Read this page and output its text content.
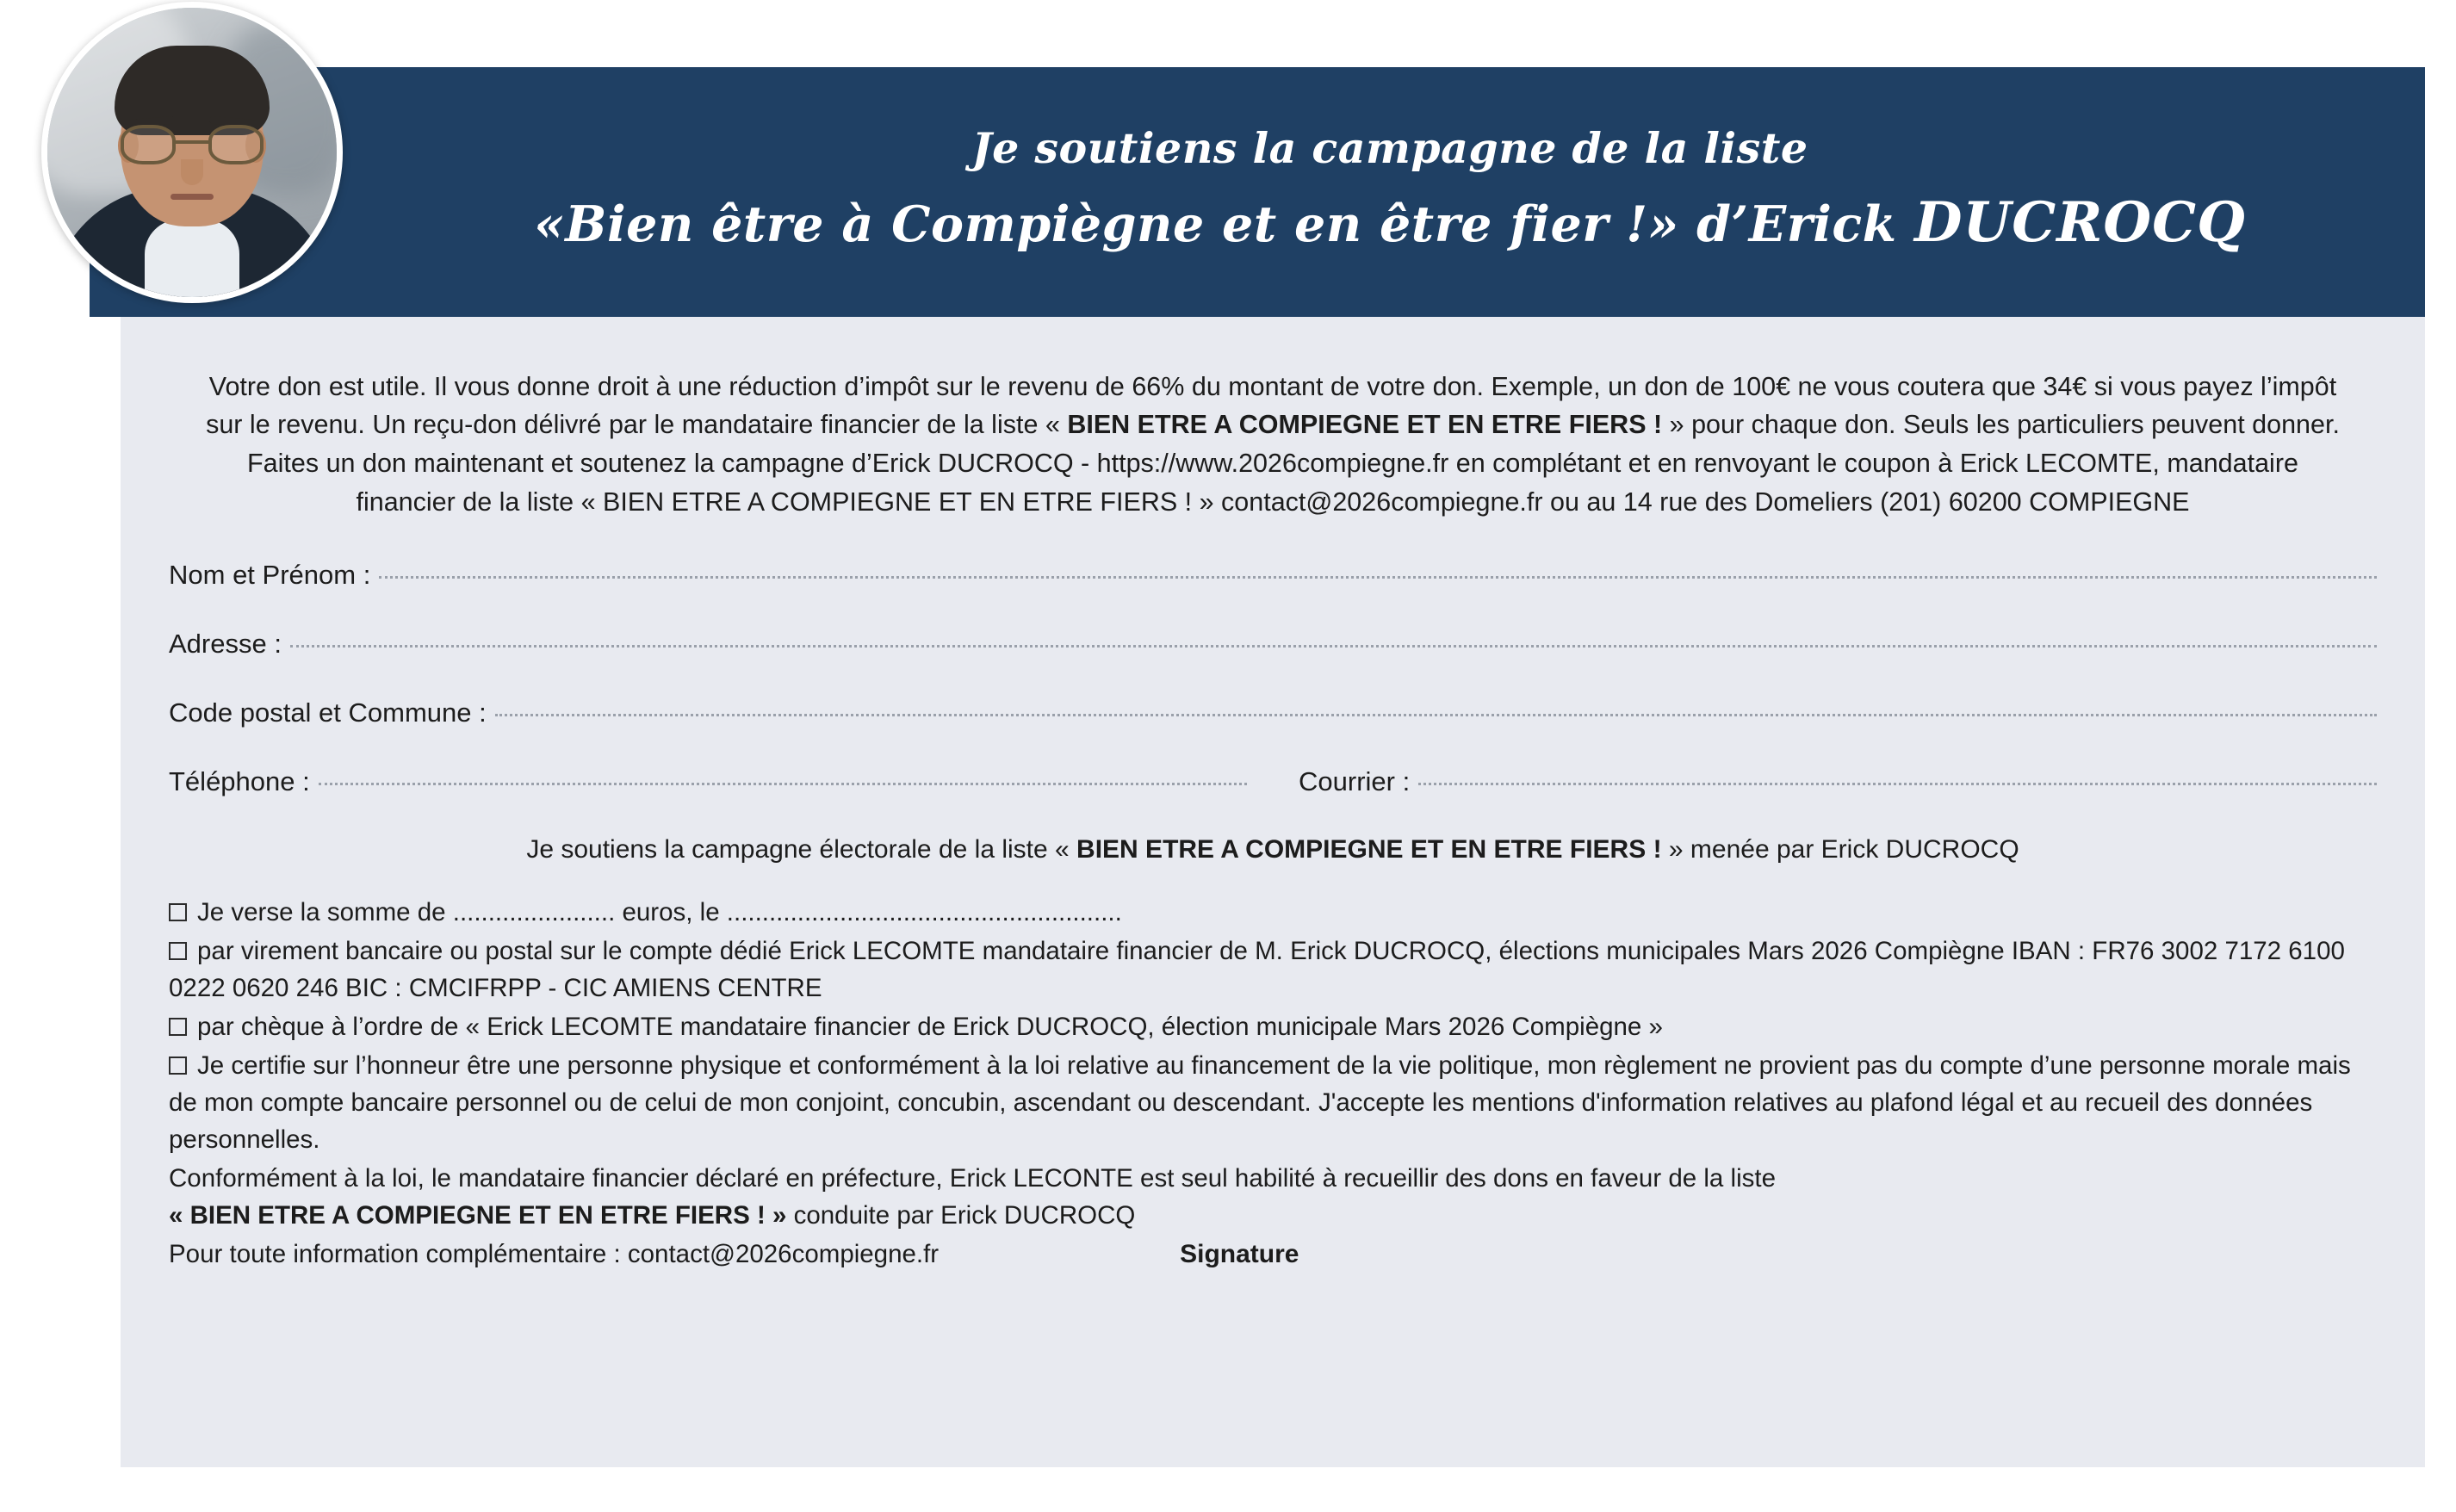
Je soutiens la campagne de la liste
«Bien être à Compiègne et en être fier !» d’Erick DUCROCQ

Votre don est utile. Il vous donne droit à une réduction d’impôt sur le revenu de 66% du montant de votre don. Exemple, un don de 100€ ne vous coutera que 34€ si vous payez l’impôt sur le revenu. Un reçu-don délivré par le mandataire financier de la liste « BIEN ETRE A COMPIEGNE ET EN ETRE FIERS ! » pour chaque don. Seuls les particuliers peuvent donner. Faites un don maintenant et soutenez la campagne d’Erick DUCROCQ - https://www.2026compiegne.fr en complétant et en renvoyant le coupon à Erick LECOMTE, mandataire financier de la liste « BIEN ETRE A COMPIEGNE ET EN ETRE FIERS ! » contact@2026compiegne.fr ou au 14 rue des Domeliers (201) 60200 COMPIEGNE

Nom et Prénom :
Adresse :
Code postal et Commune :
Téléphone :	Courrier :

Je soutiens la campagne électorale de la liste « BIEN ETRE A COMPIEGNE ET EN ETRE FIERS ! » menée par Erick DUCROCQ

Je verse la somme de ....................... euros, le ........................................................
par virement bancaire ou postal sur le compte dédié Erick LECOMTE mandataire financier de M. Erick DUCROCQ, élections municipales Mars 2026 Compiègne IBAN : FR76 3002 7172 6100 0222 0620 246 BIC : CMCIFRPP - CIC AMIENS CENTRE
par chèque à l’ordre de « Erick LECOMTE mandataire financier de Erick DUCROCQ, élection municipale Mars 2026 Compiègne »
Je certifie sur l’honneur être une personne physique et conformément à la loi relative au financement de la vie politique, mon règlement ne provient pas du compte d’une personne morale mais de mon compte bancaire personnel ou de celui de mon conjoint, concubin, ascendant ou descendant. J'accepte les mentions d'information relatives au plafond légal et au recueil des données personnelles.
Conformément à la loi, le mandataire financier déclaré en préfecture, Erick LECONTE est seul habilité à recueillir des dons en faveur de la liste
« BIEN ETRE A COMPIEGNE ET EN ETRE FIERS ! » conduite par Erick DUCROCQ
Pour toute information complémentaire : contact@2026compiegne.fr	Signature
